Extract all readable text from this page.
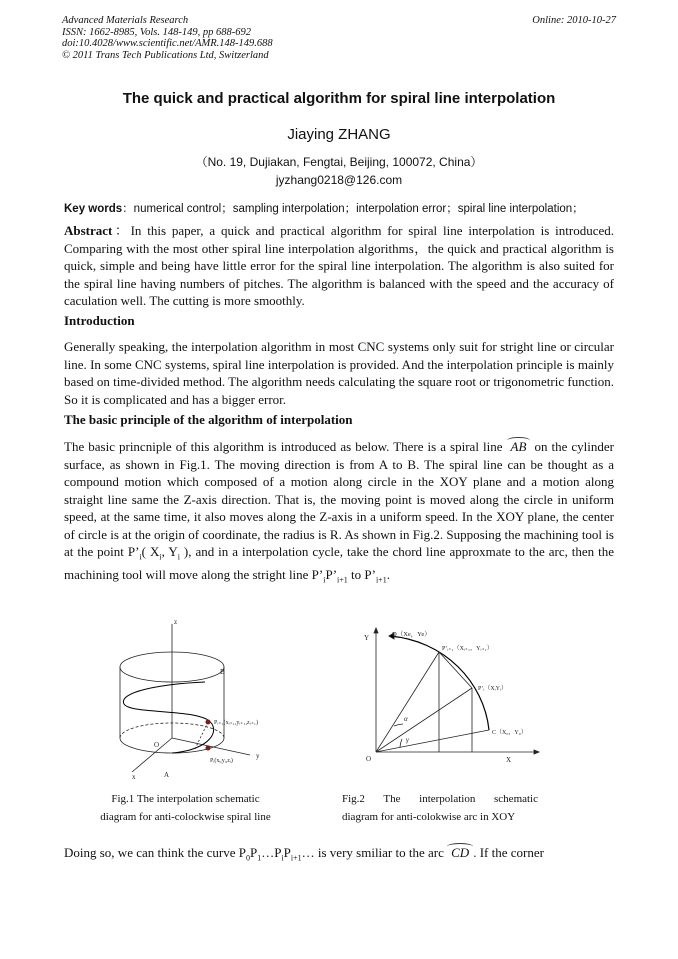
Advanced Materials Research
ISSN: 1662-8985, Vols. 148-149, pp 688-692
doi:10.4028/www.scientific.net/AMR.148-149.688
© 2011 Trans Tech Publications Ltd, Switzerland
Online: 2010-10-27
The quick and practical algorithm for spiral line interpolation
Jiaying ZHANG
（No. 19, Dujiakan, Fengtai, Beijing, 100072, China）
jyzhang0218@126.com
Key words：numerical control；sampling interpolation；interpolation error；spiral line interpolation；
Abstract：In this paper, a quick and practical algorithm for spiral line interpolation is introduced. Comparing with the most other spiral line interpolation algorithms，the quick and practical algorithm is quick, simple and being have little error for the spiral line interpolation. The algorithm is also suited for the spiral line having numbers of pitches. The algorithm is balanced with the speed and the accuracy of caculation well. The cutting is more smoothly.
Introduction
Generally speaking, the interpolation algorithm in most CNC systems only suit for stright line or circular line. In some CNC systems, spiral line interpolation is provided. And the interpolation principle is mainly based on time-divided method. The algorithm needs calculating the square root or trigonometric function. So it is complicated and has a bigger error.
The basic principle of the algorithm of interpolation
The basic princniple of this algorithm is introduced as below. There is a spiral line AB on the cylinder surface, as shown in Fig.1. The moving direction is from A to B. The spiral line can be thought as a compound motion which composed of a motion along circle in the XOY plane and a motion along straight line same the Z-axis direction. That is, the moving point is moved along the circle in uniform speed, at the same time, it also moves along the Z-axis in a uniform speed. In the XOY plane, the center of circle is at the origin of coordinate, the radius is R. As shown in Fig.2. Supposing the machining tool is at the point $P’_i$( $X_i$, $Y_i$ ), and in a interpolation cycle, take the chord line approxmate to the arc, then the machining tool will move along the stright line $P’_iP’_{i+1}$ to $P’_{i+1}$.
z
B
O
x	A
y
Pᵢ₊₁(xᵢ₊₁,yᵢ₊₁,zᵢ₊₁)
Pᵢ(xᵢ,yᵢ,zᵢ)
Fig.1 The interpolation schematic
diagram for anti-colockwise spiral line
Y
X
O
D（Xe，Ye）
P’ᵢ₊₁（Xᵢ₊₁，Yᵢ₊₁）
P’ᵢ（XᵢYᵢ）
C（X₀，Y₀）
α
γ
Fig.2 The interpolation schematic
diagram for anti-colokwise arc in XOY
Doing so, we can think the curve $P_0P_1\dots P_iP_{i+1}\dots$ is very smiliar to the arc CD . If the corner
